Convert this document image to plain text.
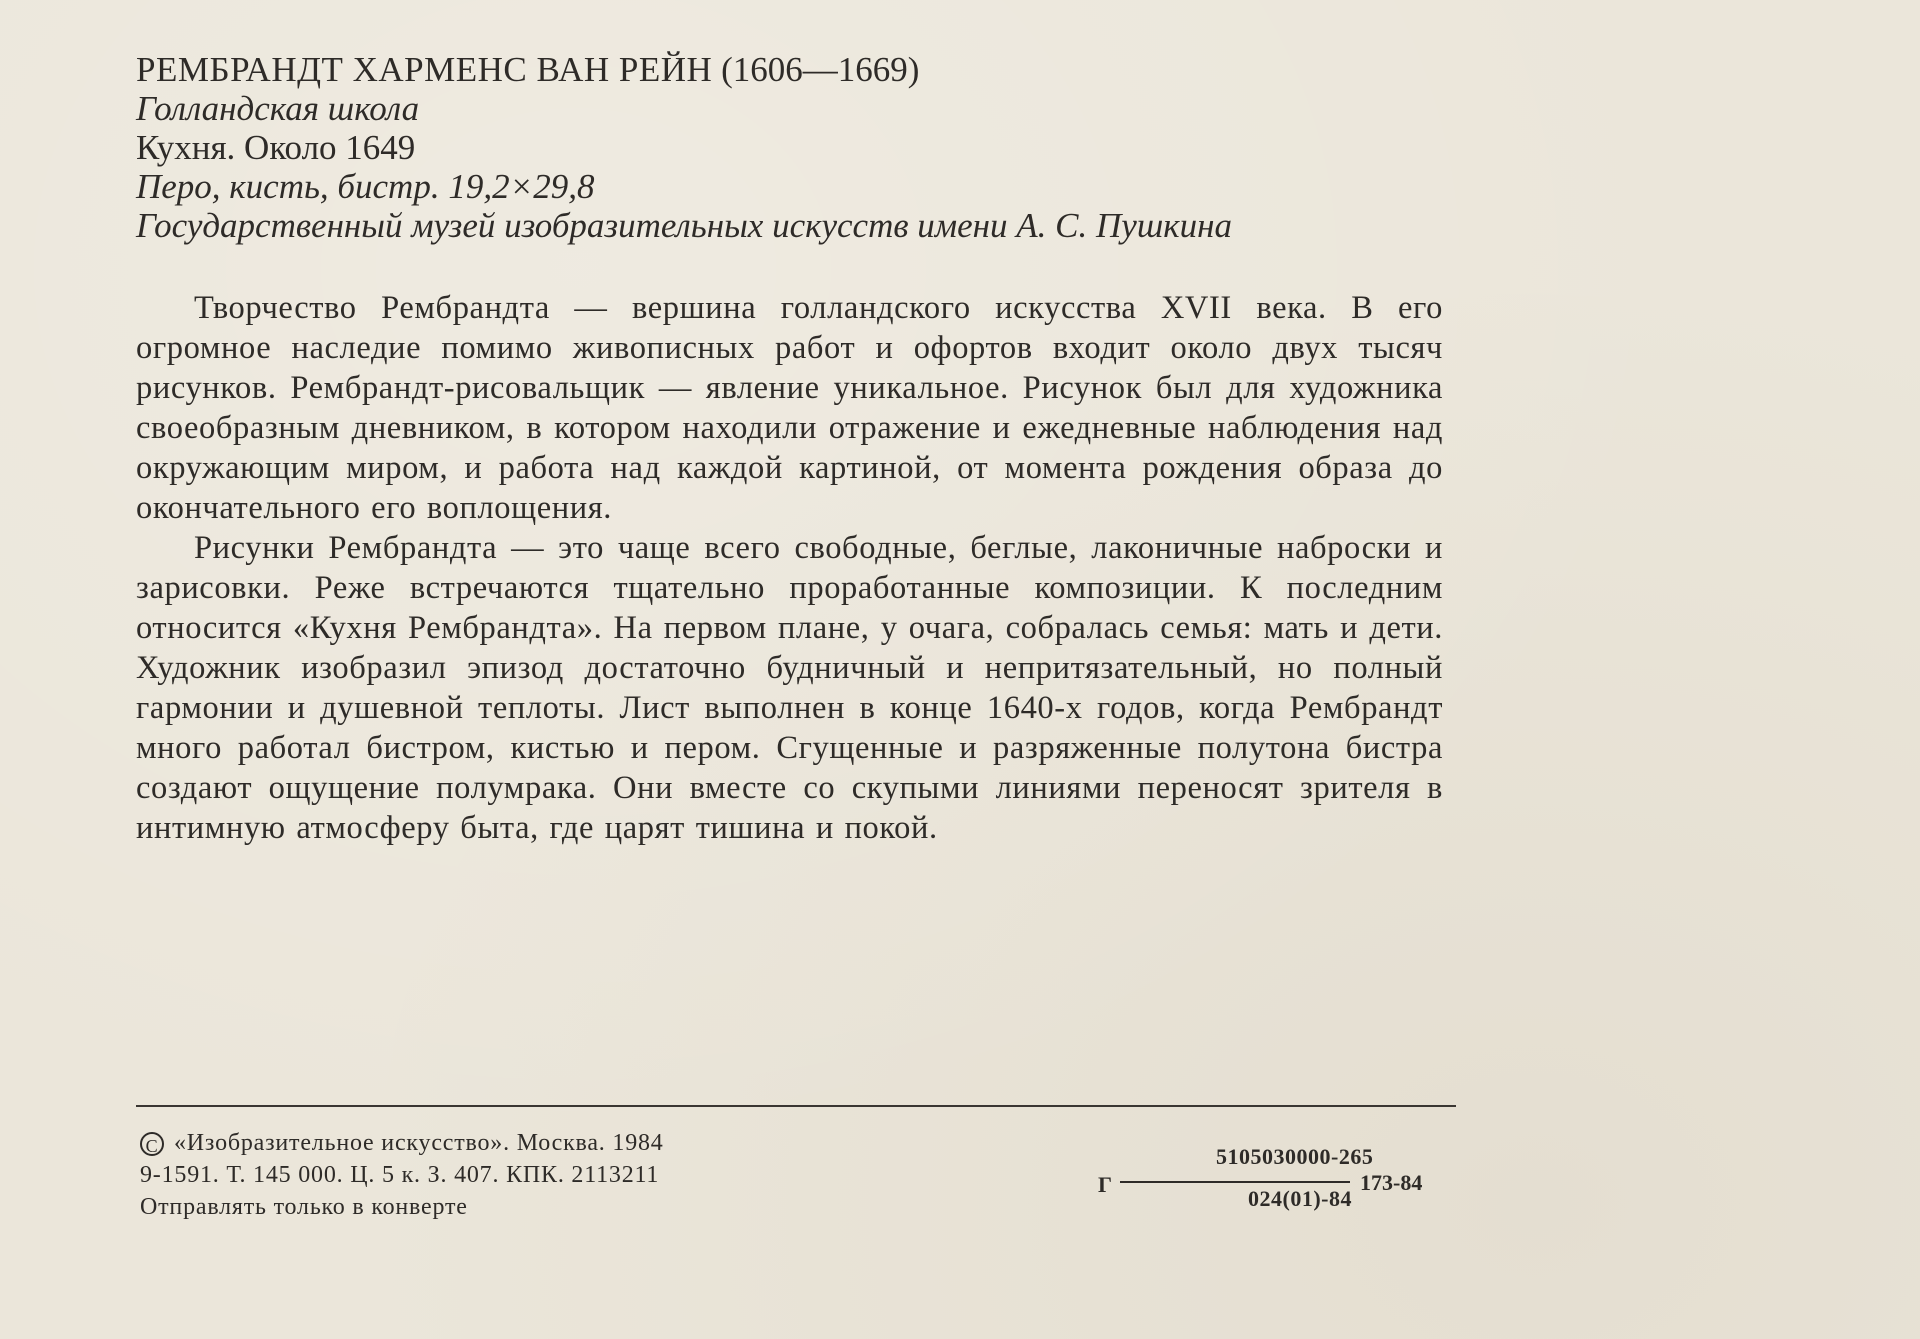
РЕМБРАНДТ ХАРМЕНС ВАН РЕЙН (1606—1669)
Голландская школа
Кухня. Около 1649
Перо, кисть, бистр. 19,2×29,8
Государственный музей изобразительных искусств имени А. С. Пушкина

Творчество Рембрандта — вершина голландского искусства XVII века. В его огромное наследие помимо живописных работ и офортов входит около двух тысяч рисунков. Рембрандт-рисовальщик — явление уникальное. Рисунок был для художника своеобразным дневником, в котором находили отражение и ежедневные наблюдения над окружающим миром, и работа над каждой картиной, от момента рождения образа до окончательного его воплощения.

Рисунки Рембрандта — это чаще всего свободные, беглые, лаконичные наброски и зарисовки. Реже встречаются тщательно проработанные композиции. К последним относится «Кухня Рембрандта». На первом плане, у очага, собралась семья: мать и дети. Художник изобразил эпизод достаточно будничный и непритязательный, но полный гармонии и душевной теплоты. Лист выполнен в конце 1640-х годов, когда Рембрандт много работал бистром, кистью и пером. Сгущенные и разряженные полутона бистра создают ощущение полумрака. Они вместе со скупыми линиями переносят зрителя в интимную атмосферу быта, где царят тишина и покой.

C «Изобразительное искусство». Москва. 1984
9-1591. Т. 145 000. Ц. 5 к. З. 407. КПК. 2113211
Отправлять только в конверте
Г
5105030000-265
024(01)-84
173-84
